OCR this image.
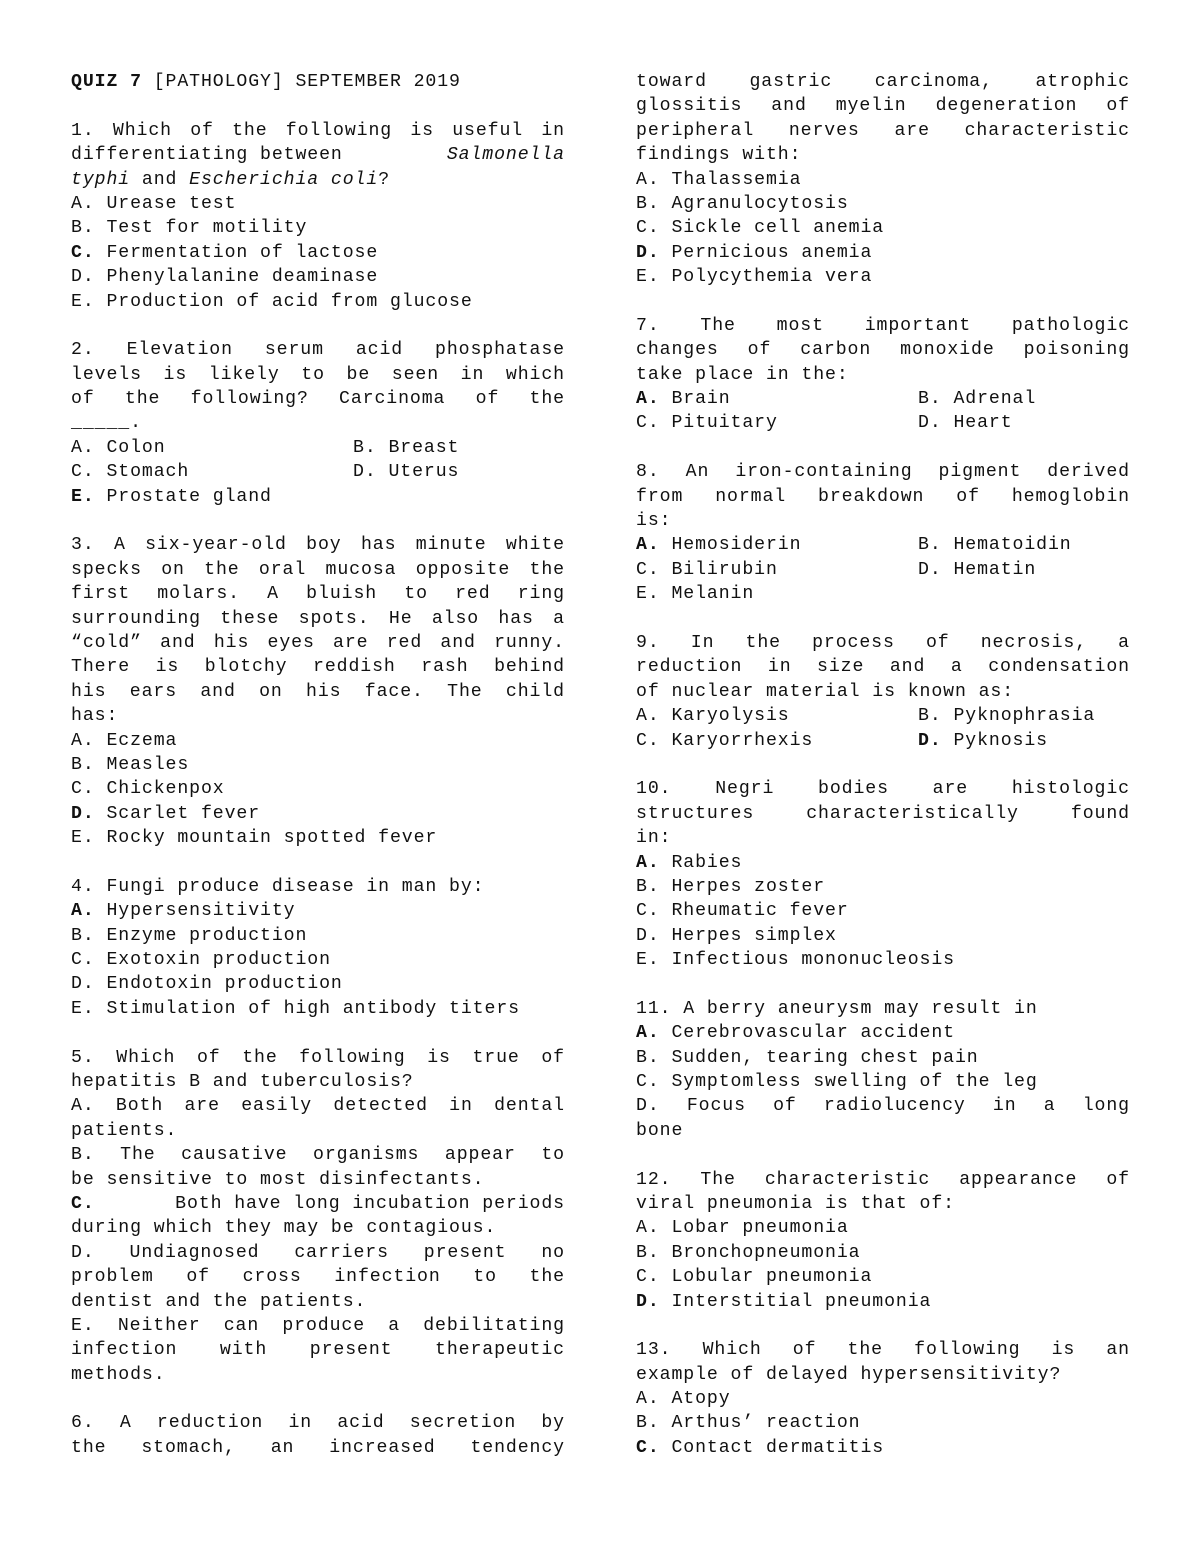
QUIZ 7 [PATHOLOGY] SEPTEMBER 2019
1. Which of the following is useful in
differentiating between	Salmonella
typhi and Escherichia coli?
A. Urease test
B. Test for motility
C. Fermentation of lactose
D. Phenylalanine deaminase
E. Production of acid from glucose
2. Elevation serum acid phosphatase
levels is likely to be seen in which
of the following? Carcinoma of the
_____.
A. Colon	B. Breast
C. Stomach	D. Uterus
E. Prostate gland
3. A six-year-old boy has minute white
specks on the oral mucosa opposite the
first molars. A bluish to red ring
surrounding these spots. He also has a
“cold” and his eyes are red and runny.
There is blotchy reddish rash behind
his ears and on his face. The child
has:
A. Eczema
B. Measles
C. Chickenpox
D. Scarlet fever
E. Rocky mountain spotted fever
4. Fungi produce disease in man by:
A. Hypersensitivity
B. Enzyme production
C. Exotoxin production
D. Endotoxin production
E. Stimulation of high antibody titers
5. Which of the following is true of
hepatitis B and tuberculosis?
A. Both are easily detected in dental
patients.
B. The causative organisms appear to
be sensitive to most disinfectants.
C.	Both have long incubation periods
during which they may be contagious.
D. Undiagnosed carriers present no
problem of cross infection to the
dentist and the patients.
E. Neither can produce a debilitating
infection with present therapeutic
methods.
6. A reduction in acid secretion by
the stomach, an increased tendency
toward gastric carcinoma, atrophic
glossitis and myelin degeneration of
peripheral nerves are characteristic
findings with:
A. Thalassemia
B. Agranulocytosis
C. Sickle cell anemia
D. Pernicious anemia
E. Polycythemia vera
7. The most important pathologic
changes of carbon monoxide poisoning
take place in the:
A. Brain	B. Adrenal
C. Pituitary	D. Heart
8. An iron-containing pigment derived
from normal breakdown of hemoglobin
is:
A. Hemosiderin	B. Hematoidin
C. Bilirubin	D. Hematin
E. Melanin
9. In the process of necrosis, a
reduction in size and a condensation
of nuclear material is known as:
A. Karyolysis	B. Pyknophrasia
C. Karyorrhexis	D. Pyknosis
10. Negri bodies are histologic
structures characteristically found
in:
A. Rabies
B. Herpes zoster
C. Rheumatic fever
D. Herpes simplex
E. Infectious mononucleosis
11. A berry aneurysm may result in
A. Cerebrovascular accident
B. Sudden, tearing chest pain
C. Symptomless swelling of the leg
D. Focus of radiolucency in a long
bone
12. The characteristic appearance of
viral pneumonia is that of:
A. Lobar pneumonia
B. Bronchopneumonia
C. Lobular pneumonia
D. Interstitial pneumonia
13. Which of the following is an
example of delayed hypersensitivity?
A. Atopy
B. Arthus’ reaction
C. Contact dermatitis
